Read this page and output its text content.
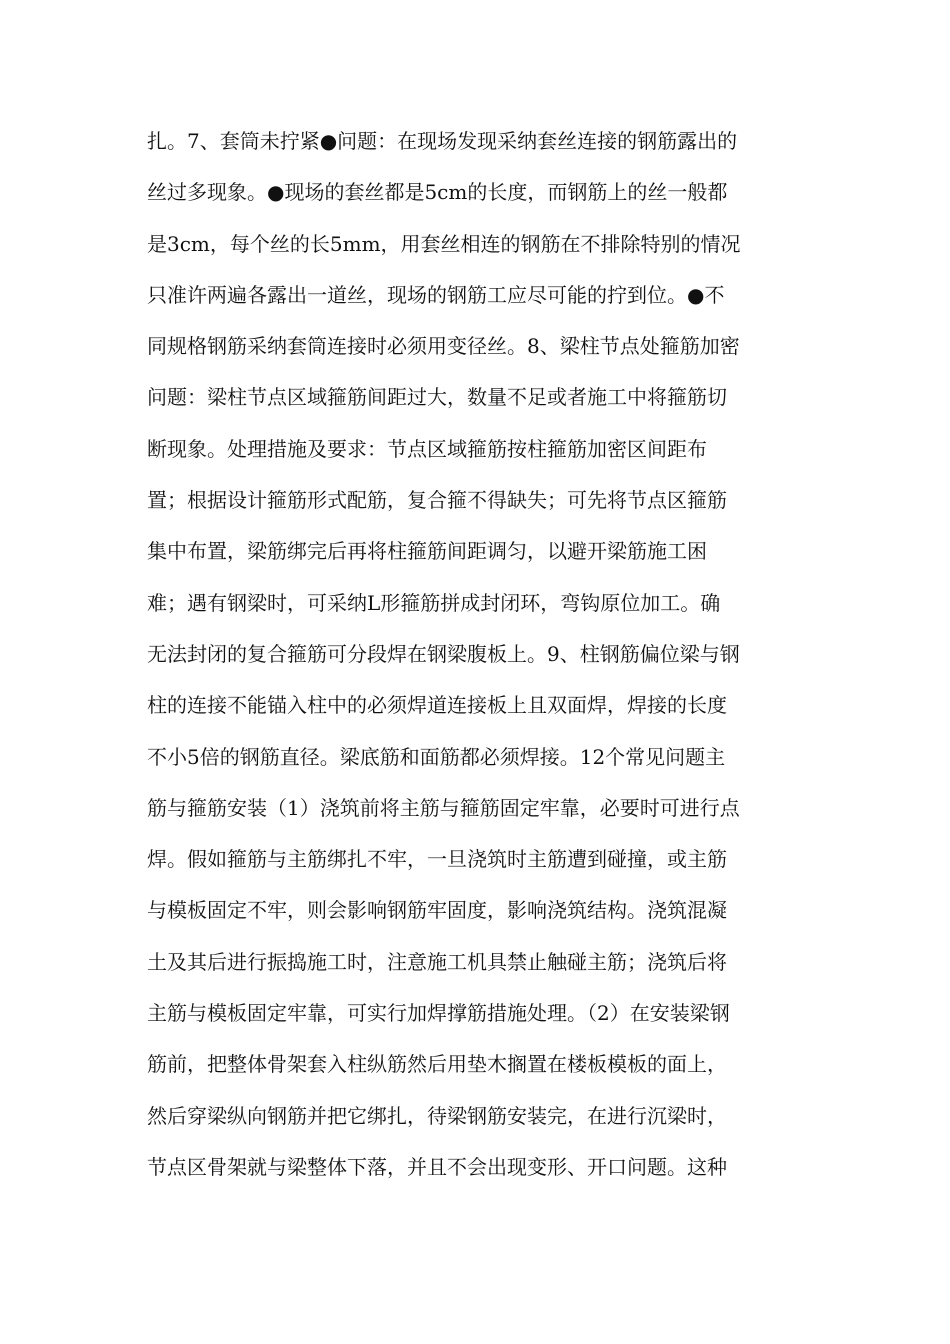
扎。7、套筒未拧紧●问题：在现场发现采纳套丝连接的钢筋露出的
丝过多现象。●现场的套丝都是5cm的长度，而钢筋上的丝一般都
是3cm，每个丝的长5mm，用套丝相连的钢筋在不排除特别的情况
只准许两遍各露出一道丝，现场的钢筋工应尽可能的拧到位。●不
同规格钢筋采纳套筒连接时必须用变径丝。8、梁柱节点处箍筋加密
问题：梁柱节点区域箍筋间距过大，数量不足或者施工中将箍筋切
断现象。处理措施及要求：节点区域箍筋按柱箍筋加密区间距布
置；根据设计箍筋形式配筋，复合箍不得缺失；可先将节点区箍筋
集中布置，梁筋绑完后再将柱箍筋间距调匀，以避开梁筋施工困
难；遇有钢梁时，可采纳L形箍筋拼成封闭环，弯钩原位加工。确
无法封闭的复合箍筋可分段焊在钢梁腹板上。9、柱钢筋偏位梁与钢
柱的连接不能锚入柱中的必须焊道连接板上且双面焊，焊接的长度
不小5倍的钢筋直径。梁底筋和面筋都必须焊接。12个常见问题主
筋与箍筋安装（1）浇筑前将主筋与箍筋固定牢靠，必要时可进行点
焊。假如箍筋与主筋绑扎不牢，一旦浇筑时主筋遭到碰撞，或主筋
与模板固定不牢，则会影响钢筋牢固度，影响浇筑结构。浇筑混凝
土及其后进行振捣施工时，注意施工机具禁止触碰主筋；浇筑后将
主筋与模板固定牢靠，可实行加焊撑筋措施处理。（2）在安装梁钢
筋前，把整体骨架套入柱纵筋然后用垫木搁置在楼板模板的面上，
然后穿梁纵向钢筋并把它绑扎，待梁钢筋安装完，在进行沉梁时，
节点区骨架就与梁整体下落，并且不会出现变形、开口问题。这种
